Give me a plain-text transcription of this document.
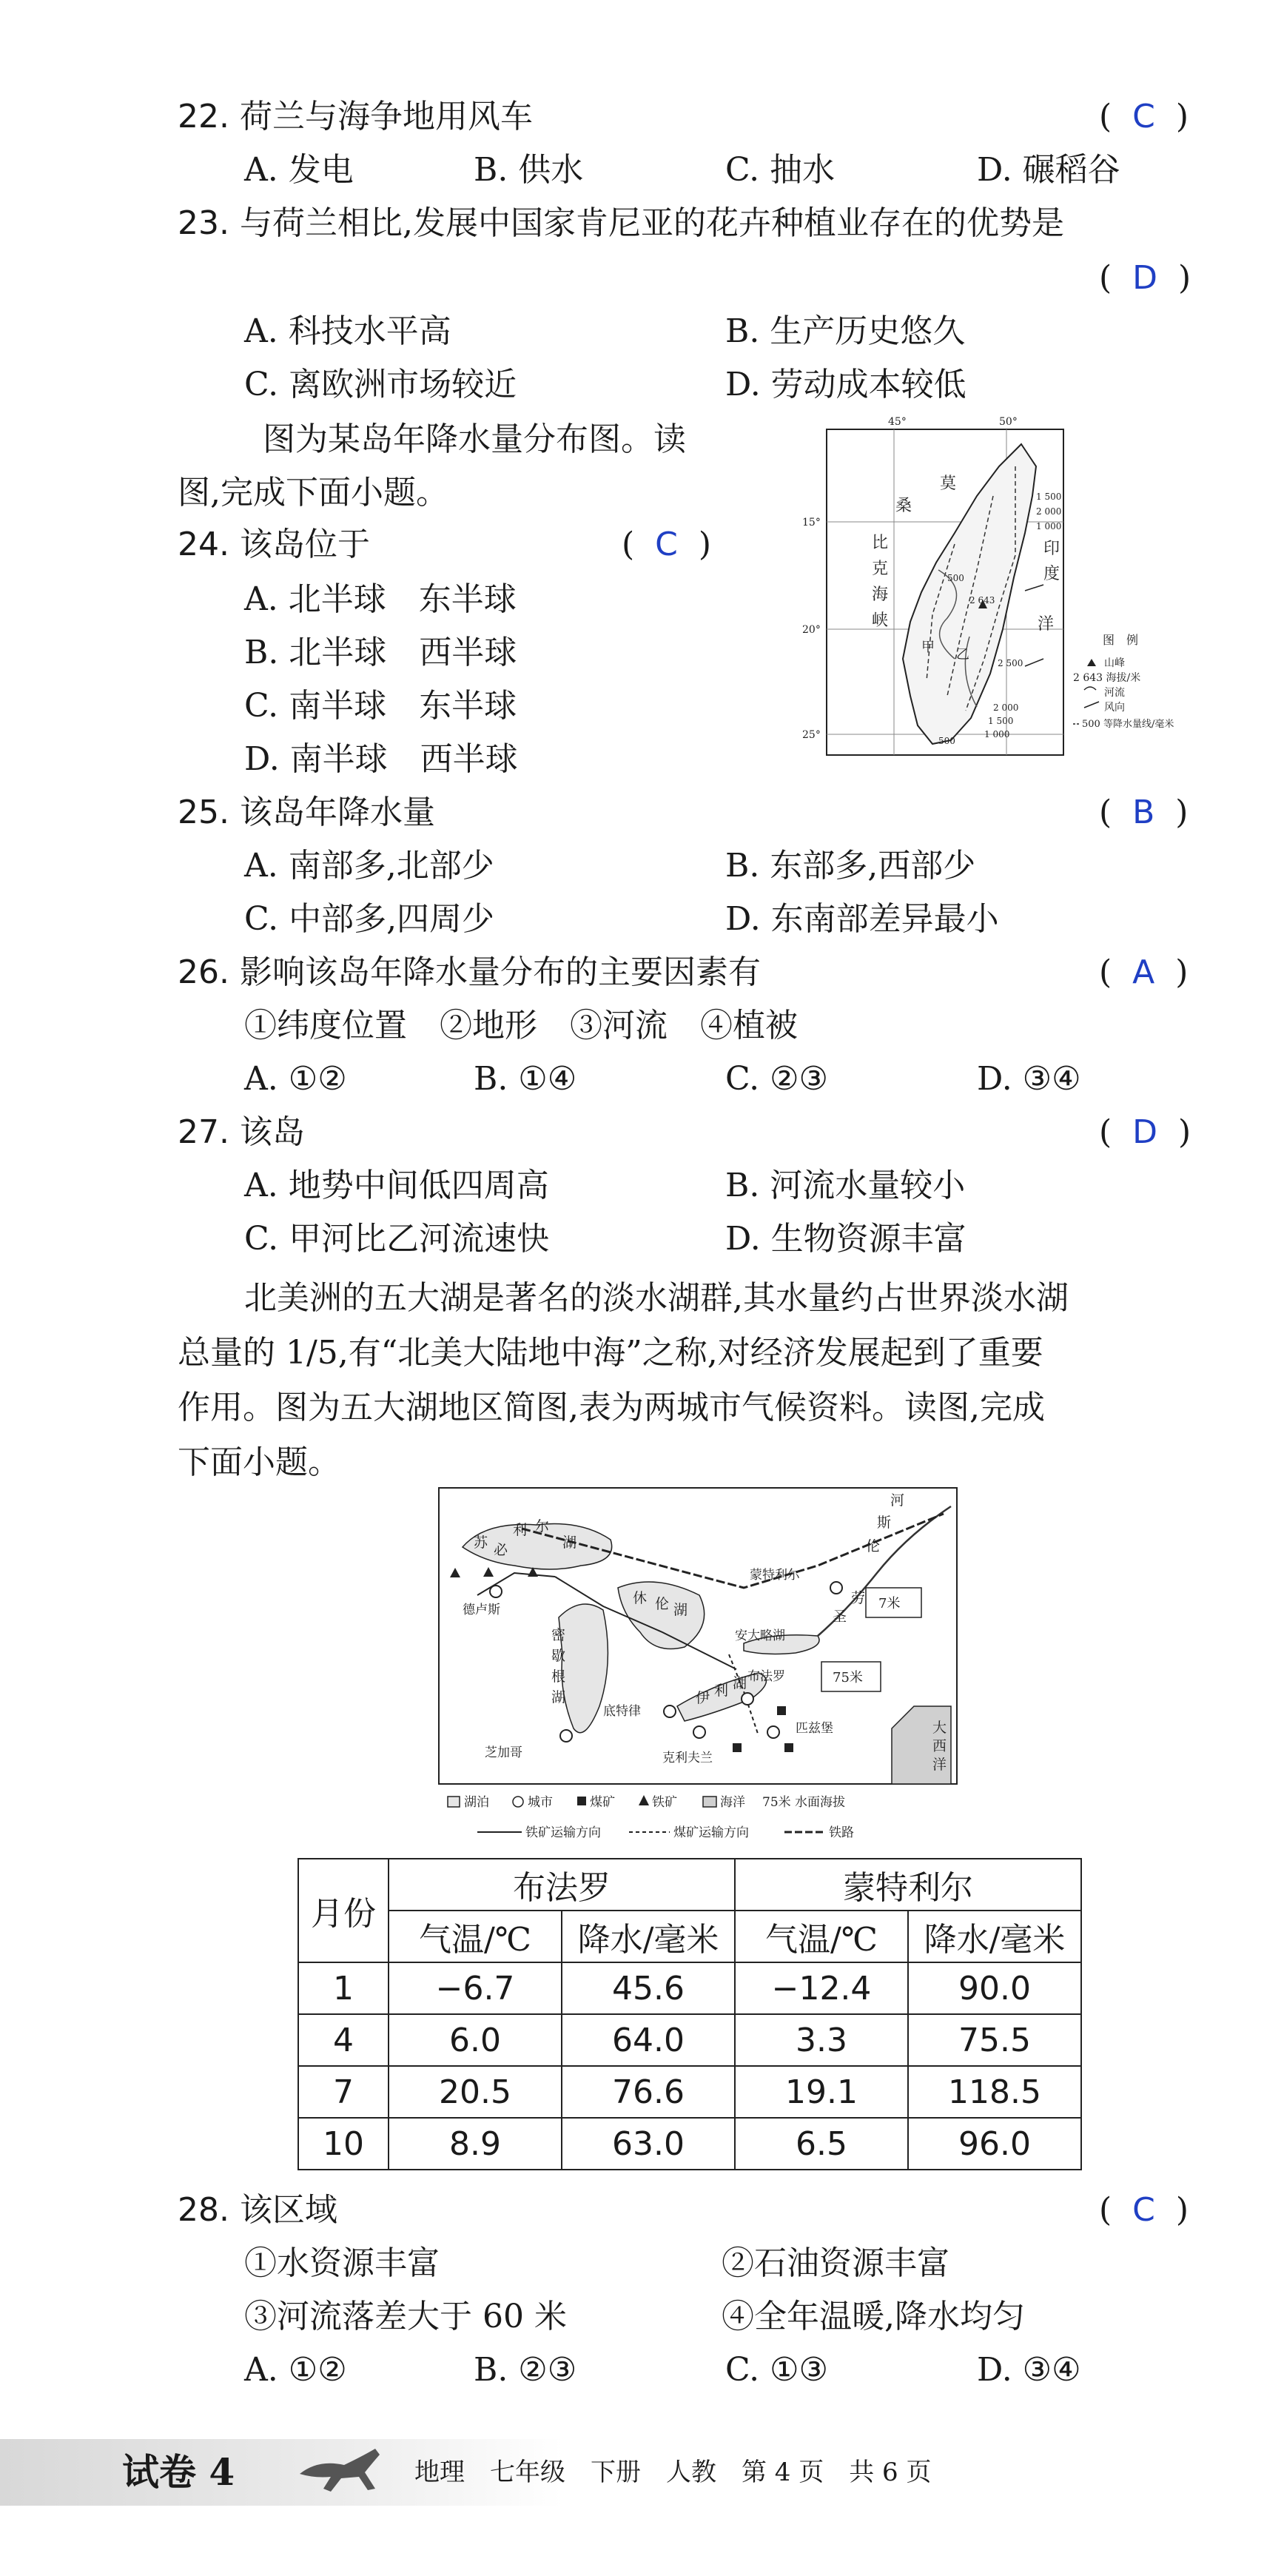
22. 荷兰与海争地用风车	(  C  )
A. 发电	B. 供水	C. 抽水	D. 碾稻谷
23. 与荷兰相比,发展中国家肯尼亚的花卉种植业存在的优势是
(  D  )
A. 科技水平高	B. 生产历史悠久
C. 离欧洲市场较近	D. 劳动成本较低
图为某岛年降水量分布图。读
图,完成下面小题。
45°	50°
15°
20°
25°
莫
桑
比
克
海
峡
印
度
洋
甲 乙
1 500
2 000
1 000
500
2 500
2 000
1 500
1 000
500
2 643
图　例
山峰
2 643 海拔/米
河流
风向
500 等降水量线/毫米
24. 该岛位于	(  C  )
A. 北半球　东半球
B. 北半球　西半球
C. 南半球　东半球
D. 南半球　西半球
25. 该岛年降水量	(  B  )
A. 南部多,北部少	B. 东部多,西部少
C. 中部多,四周少	D. 东南部差异最小
26. 影响该岛年降水量分布的主要因素有	(  A  )
①纬度位置　②地形　③河流　④植被
A. ①②	B. ①④	C. ②③	D. ③④
27. 该岛	(  D  )
A. 地势中间低四周高	B. 河流水量较小
C. 甲河比乙河流速快	D. 生物资源丰富
北美洲的五大湖是著名的淡水湖群,其水量约占世界淡水湖
总量的 1/5,有“北美大陆地中海”之称,对经济发展起到了重要
作用。图为五大湖地区简图,表为两城市气候资料。读图,完成
下面小题。
苏 必
利 尔
湖
密
歇
根
湖
休 伦 湖
伊 利 湖
安大略湖
德卢斯
芝加哥
底特律
克利夫兰
布法罗
匹兹堡
蒙特利尔
圣
劳
伦
斯
河
大
西
洋
7米
75米
湖泊	城市	煤矿	铁矿	海洋 75米 水面海拔
铁矿运输方向	煤矿运输方向	铁路
月份	布法罗		蒙特利尔	
	气温/℃	降水/毫米	气温/℃	降水/毫米
1	−6.7	45.6	−12.4	90.0
4	6.0	64.0	3.3	75.5
7	20.5	76.6	19.1	118.5
10	8.9	63.0	6.5	96.0
28. 该区域	(  C  )
①水资源丰富	②石油资源丰富
③河流落差大于 60 米	④全年温暖,降水均匀
A. ①②	B. ②③	C. ①③	D. ③④
试卷 4	地理　七年级　下册　人教　第 4 页　共 6 页
